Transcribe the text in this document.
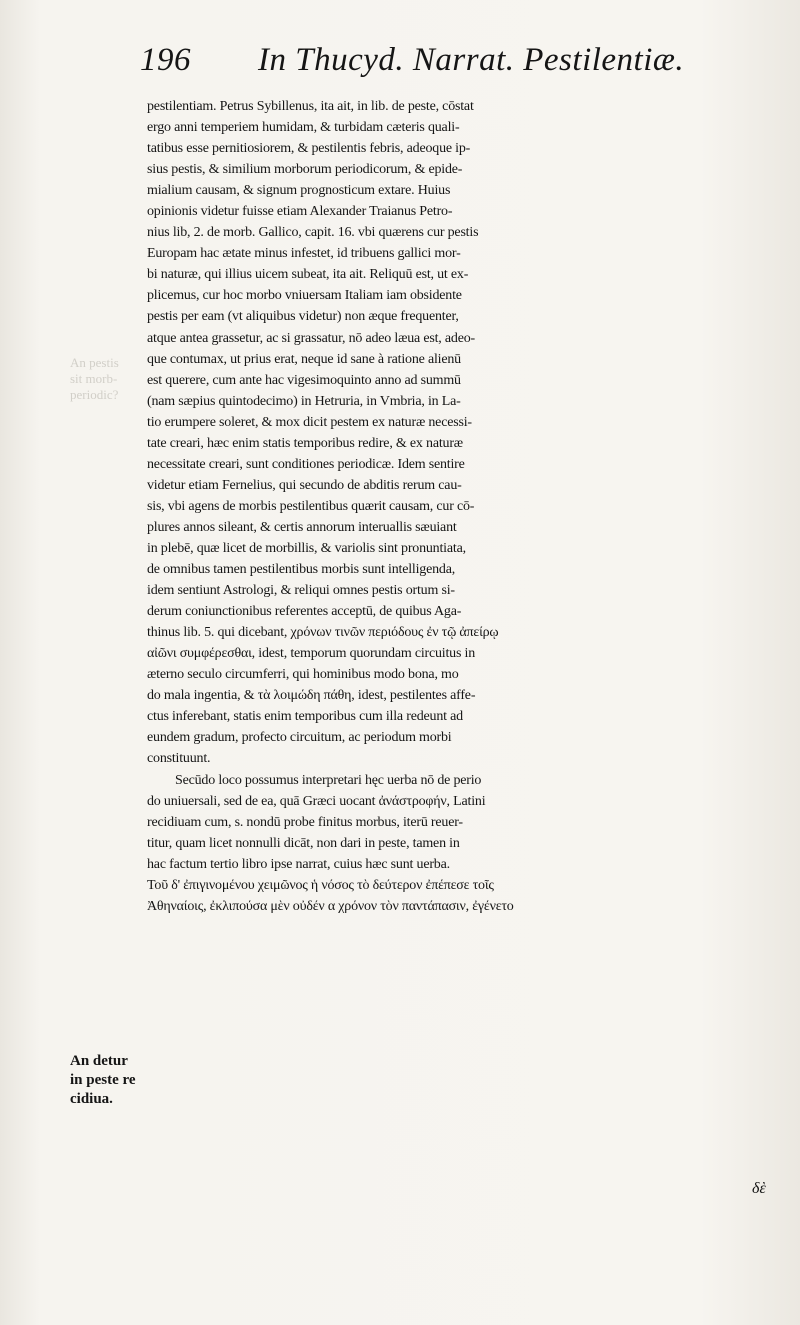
196 In Thucyd. Narrat. Pestilentiæ.
An pestis
sit morb-
periodic?
pestilentiam. Petrus Sybillenus, ita ait, in lib. de peste, cōstat
ergo anni temperiem humidam, & turbidam cæteris quali-
tatibus esse pernitiosiorem, & pestilentis febris, adeoque ip-
sius pestis, & similium morborum periodicorum, & epide-
mialium causam, & signum prognosticum extare. Huius
opinionis videtur fuisse etiam Alexander Traianus Petro-
nius lib, 2. de morb. Gallico, capit. 16. vbi quærens cur pestis
Europam hac ætate minus infestet, id tribuens gallici mor-
bi naturæ, qui illius uicem subeat, ita ait. Reliquū est, ut ex-
plicemus, cur hoc morbo vniuersam Italiam iam obsidente
pestis per eam (vt aliquibus videtur) non æque frequenter,
atque antea grassetur, ac si grassatur, nō adeo læua est, adeo-
que contumax, ut prius erat, neque id sane à ratione alienū
est querere, cum ante hac vigesimoquinto anno ad summū
(nam sæpius quintodecimo) in Hetruria, in Vmbria, in La-
tio erumpere soleret, & mox dicit pestem ex naturæ necessi-
tate creari, hæc enim statis temporibus redire, & ex naturæ
necessitate creari, sunt conditiones periodicæ. Idem sentire
videtur etiam Fernelius, qui secundo de abditis rerum cau-
sis, vbi agens de morbis pestilentibus quærit causam, cur cō-
plures annos sileant, & certis annorum interuallis sæuiant
in plebē, quæ licet de morbillis, & variolis sint pronuntiata,
de omnibus tamen pestilentibus morbis sunt intelligenda,
idem sentiunt Astrologi, & reliqui omnes pestis ortum si-
derum coniunctionibus referentes acceptū, de quibus Aga-
thinus lib. 5. qui dicebant, χρόνων τινῶν περιόδους ἐν τῷ ἀπείρῳ
αἰῶνι συμφέρεσθαι, idest, temporum quorundam circuitus in
æterno seculo circumferri, qui hominibus modo bona, mo
do mala ingentia, & τὰ λοιμώδη πάθη, idest, pestilentes affe-
ctus inferebant, statis enim temporibus cum illa redeunt ad
eundem gradum, profecto circuitum, ac periodum morbi
constituunt.
Secūdo loco possumus interpretari hęc uerba nō de perio
do uniuersali, sed de ea, quā Græci uocant ἀνάστροφήν, Latini
recidiuam cum, s. nondū probe finitus morbus, iterū reuer-
titur, quam licet nonnulli dicāt, non dari in peste, tamen in
hac factum tertio libro ipse narrat, cuius hæc sunt uerba.
Τοῦ δ' ἐπιγινομένου χειμῶνος ἡ νόσος τὸ δεύτερον ἐπέπεσε τοῖς
Ἀθηναίοις, ἐκλιπούσα μὲν οὐδέν α χρόνον τὸν παντάπασιν, ἐγένετο
An detur
in peste re
cidiua.
δὲ
